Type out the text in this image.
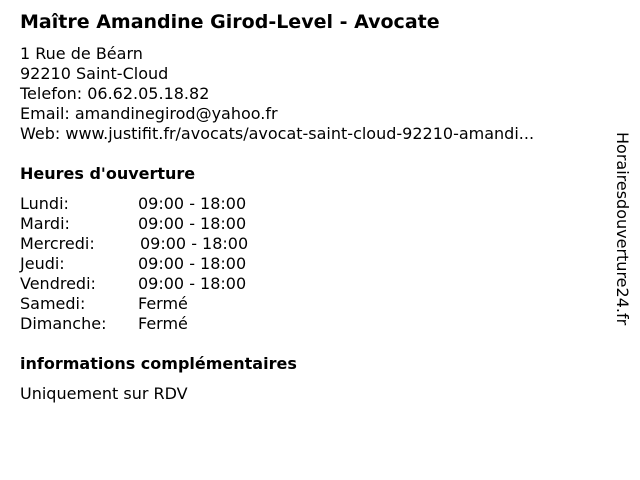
Maître Amandine Girod-Level - Avocate
1 Rue de Béarn
92210 Saint-Cloud
Telefon: 06.62.05.18.82
Email: amandinegirod@yahoo.fr
Web: www.justifit.fr/avocats/avocat-saint-cloud-92210-amandi...
Heures d'ouverture
Lundi:	09:00 - 18:00
Mardi:	09:00 - 18:00
Mercredi:	09:00 - 18:00
Jeudi:	09:00 - 18:00
Vendredi:	09:00 - 18:00
Samedi:	Fermé
Dimanche: Fermé
informations complémentaires
Uniquement sur RDV
Horairesdouverture24.fr
